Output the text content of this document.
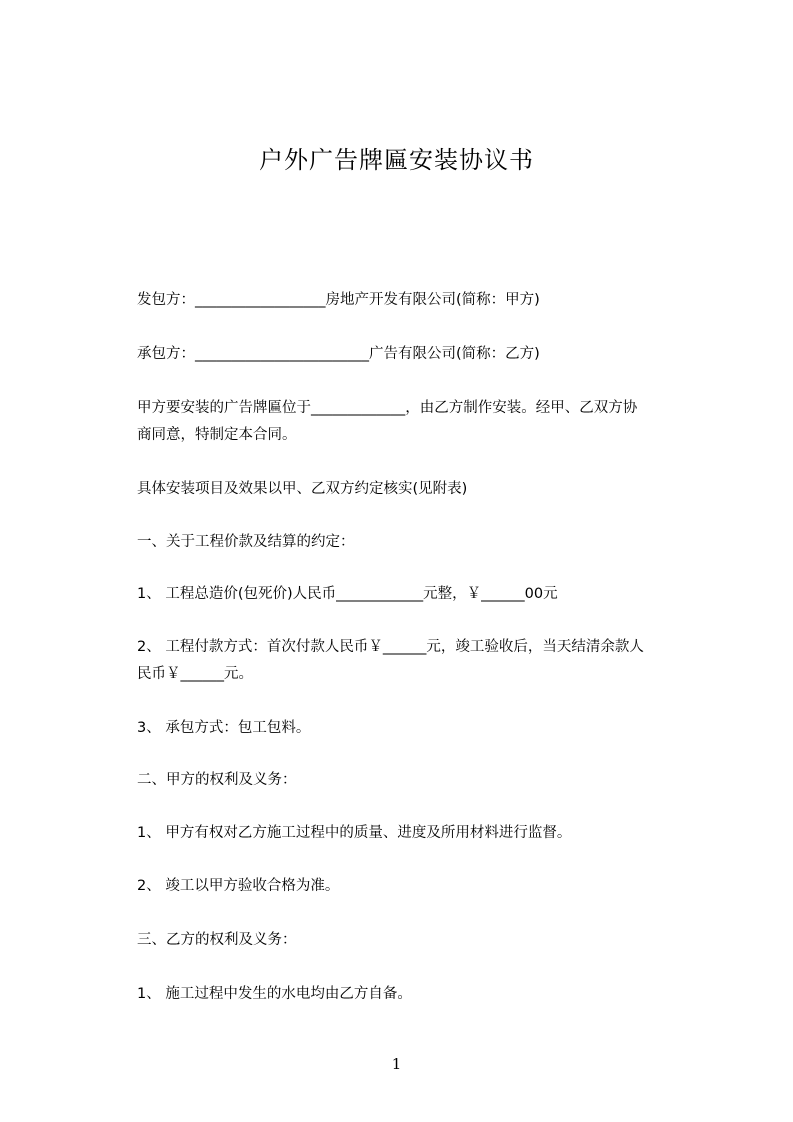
户外广告牌匾安装协议书
发包方：__________________房地产开发有限公司(简称：甲方)
承包方：________________________广告有限公司(简称：乙方)
甲方要安装的广告牌匾位于_____________，由乙方制作安装。经甲、乙双方协
商同意，特制定本合同。
具体安装项目及效果以甲、乙双方约定核实(见附表)
一、关于工程价款及结算的约定：
1、 工程总造价(包死价)人民币____________元整，￥______00元
2、 工程付款方式：首次付款人民币￥______元，竣工验收后，当天结清余款人
民币￥______元。
3、 承包方式：包工包料。
二、甲方的权利及义务：
1、 甲方有权对乙方施工过程中的质量、进度及所用材料进行监督。
2、 竣工以甲方验收合格为准。
三、乙方的权利及义务：
1、 施工过程中发生的水电均由乙方自备。
1
